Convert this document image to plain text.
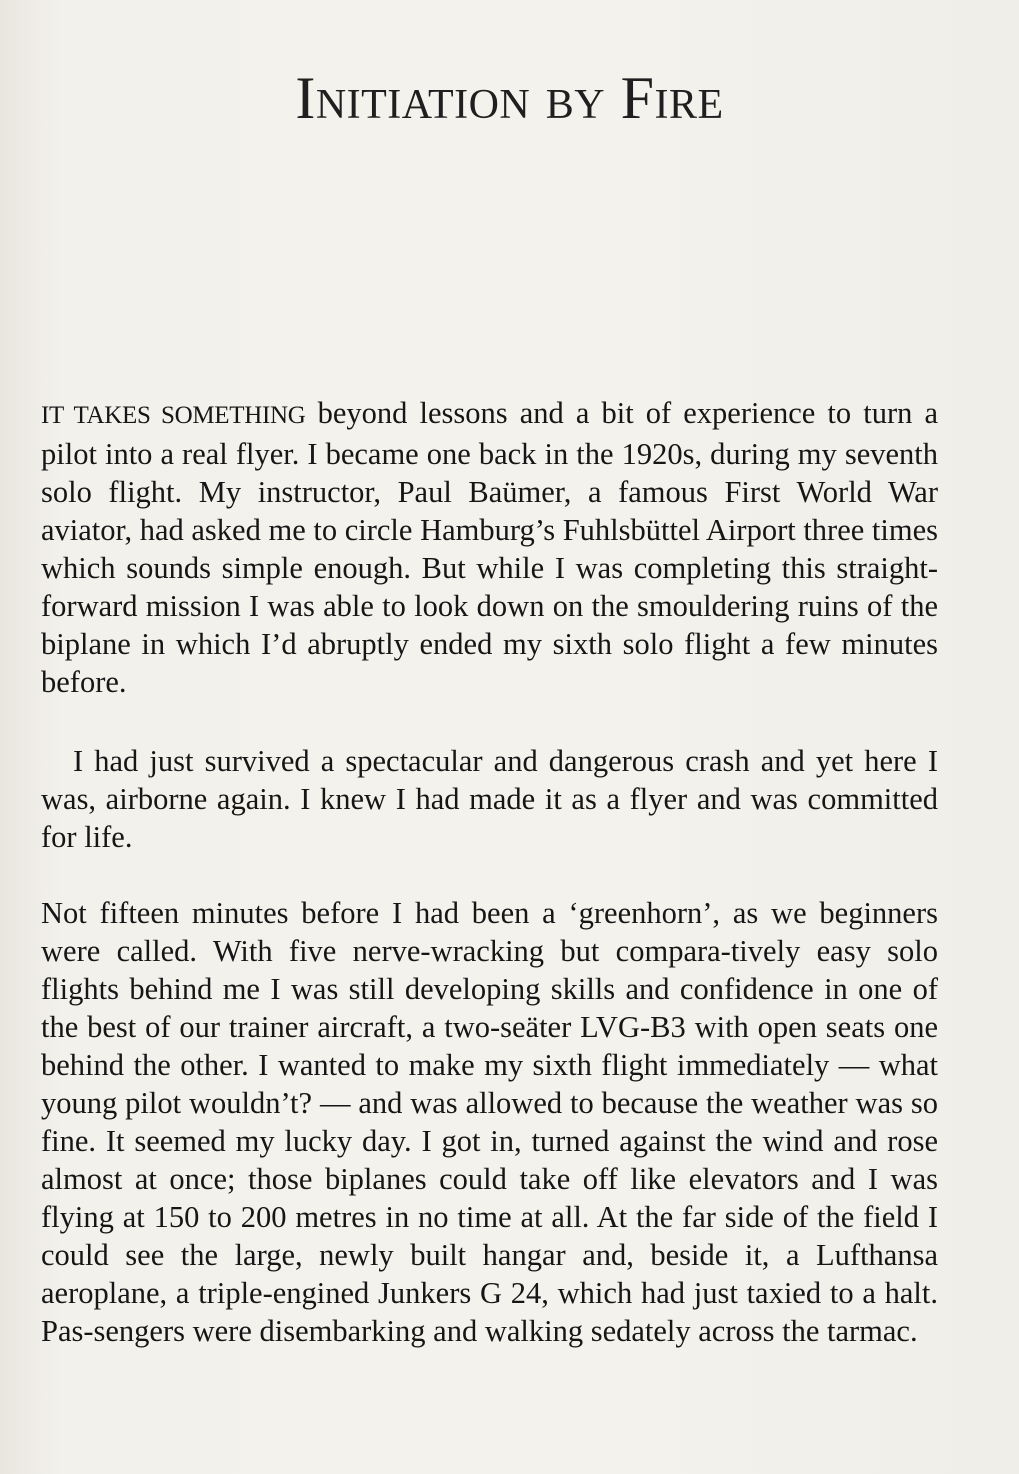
Initiation by Fire

IT TAKES SOMETHING beyond lessons and a bit of experience to turn a pilot into a real flyer. I became one back in the 1920s, during my seventh solo flight. My instructor, Paul Baümer, a famous First World War aviator, had asked me to circle Hamburg’s Fuhlsbüttel Airport three times which sounds simple enough. But while I was completing this straight-forward mission I was able to look down on the smouldering ruins of the biplane in which I’d abruptly ended my sixth solo flight a few minutes before.

I had just survived a spectacular and dangerous crash and yet here I was, airborne again. I knew I had made it as a flyer and was committed for life.

Not fifteen minutes before I had been a ‘greenhorn’, as we beginners were called. With five nerve-wracking but compara-tively easy solo flights behind me I was still developing skills and confidence in one of the best of our trainer aircraft, a two-seäter LVG-B3 with open seats one behind the other. I wanted to make my sixth flight immediately — what young pilot wouldn’t? — and was allowed to because the weather was so fine. It seemed my lucky day. I got in, turned against the wind and rose almost at once; those biplanes could take off like elevators and I was flying at 150 to 200 metres in no time at all. At the far side of the field I could see the large, newly built hangar and, beside it, a Lufthansa aeroplane, a triple-engined Junkers G 24, which had just taxied to a halt. Pas-sengers were disembarking and walking sedately across the tarmac.
